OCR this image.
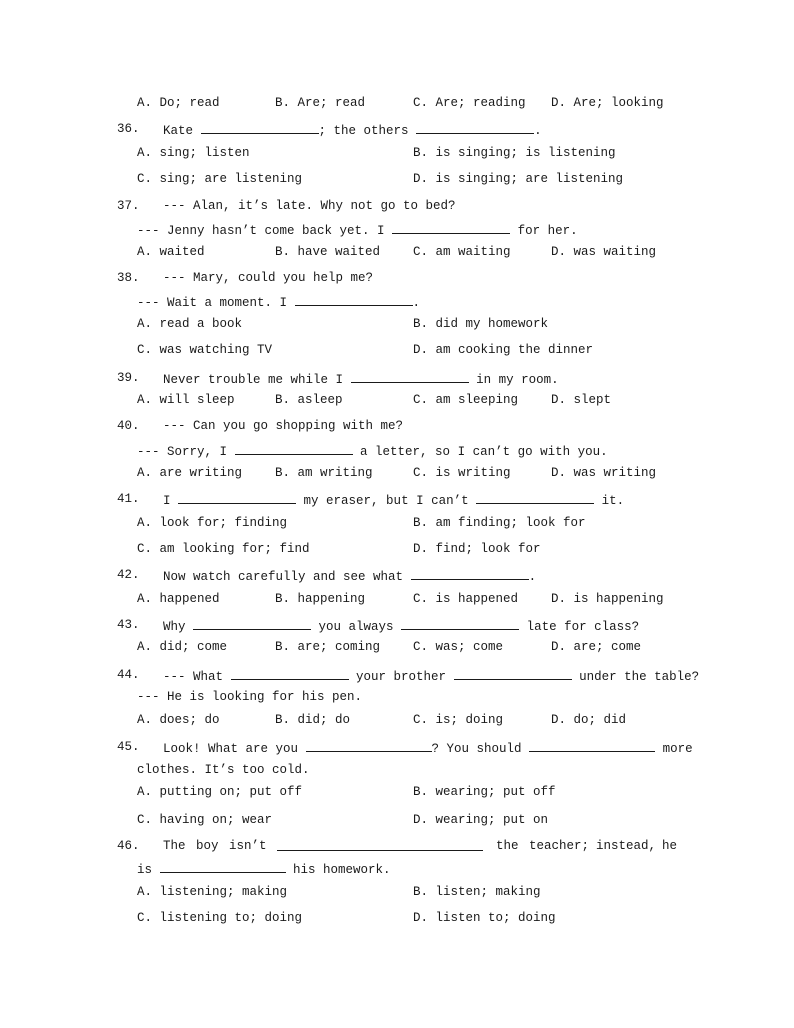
A. Do; read	B. Are; read	C. Are; reading D. Are; looking
36. Kate	; the others	.
A. sing; listen	B. is singing; is listening
C. sing; are listening	D. is singing; are listening
37. --- Alan, it’s late. Why not go to bed?
--- Jenny hasn’t come back yet. I	for her.
A. waited	B. have waited	C. am waiting	D. was waiting
38. --- Mary, could you help me?
--- Wait a moment. I	.
A. read a book	B. did my homework
C. was watching TV	D. am cooking the dinner
39. Never trouble me while I	in my room.
A. will sleep	B. asleep	C. am sleeping	D. slept
40. --- Can you go shopping with me?
--- Sorry, I	a letter, so I can’t go with you.
A. are writing	B. am writing	C. is writing	D. was writing
41. I	my eraser, but I can’t	it.
A. look for; finding	B. am finding; look for
C. am looking for; find	D. find; look for
42. Now watch carefully and see what	.
A. happened	B. happening	C. is happened	D. is happening
43. Why	you always	late for class?
A. did; come	B. are; coming	C. was; come	D. are; come
44. --- What	your brother	under the table?
--- He is looking for his pen.
A. does; do	B. did; do	C. is; doing	D. do; did
45. Look! What are you	? You should	more
clothes. It’s too cold.
A. putting on; put off	B. wearing; put off
C. having on; wear	D. wearing; put on
46. The boy isn’t	the teacher; instead, he
is	his homework.
A. listening; making	B. listen; making
C. listening to; doing	D. listen to; doing
